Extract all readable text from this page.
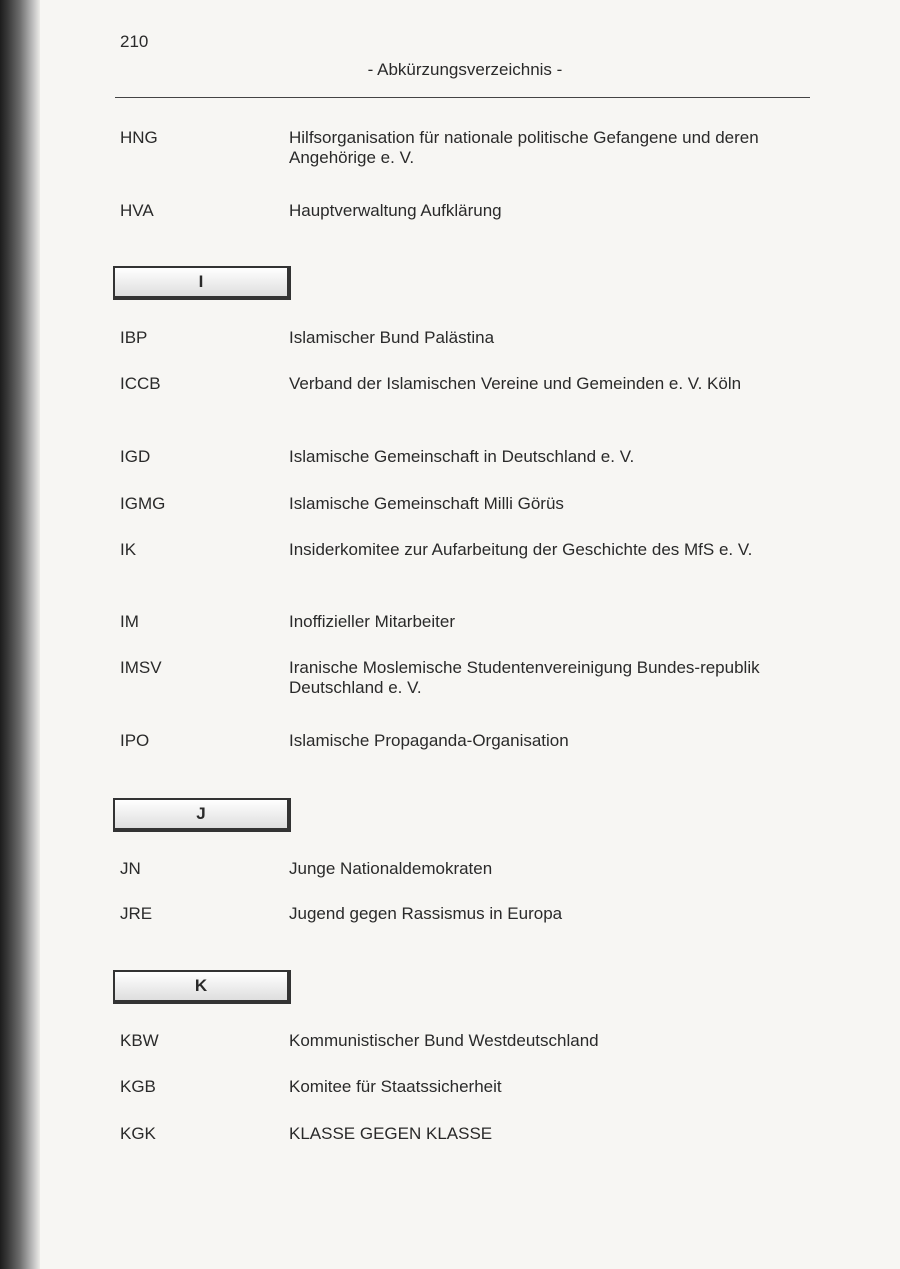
210
- Abkürzungsverzeichnis -
HNG	Hilfsorganisation für nationale politische Gefangene und deren Angehörige e. V.
HVA	Hauptverwaltung Aufklärung
I
IBP	Islamischer Bund Palästina
ICCB	Verband der Islamischen Vereine und Gemeinden e. V. Köln
IGD	Islamische Gemeinschaft in Deutschland e. V.
IGMG	Islamische Gemeinschaft Milli Görüs
IK	Insiderkomitee zur Aufarbeitung der Geschichte des MfS e. V.
IM	Inoffizieller Mitarbeiter
IMSV	Iranische Moslemische Studentenvereinigung Bundes-republik Deutschland e. V.
IPO	Islamische Propaganda-Organisation
J
JN	Junge Nationaldemokraten
JRE	Jugend gegen Rassismus in Europa
K
KBW	Kommunistischer Bund Westdeutschland
KGB	Komitee für Staatssicherheit
KGK	KLASSE GEGEN KLASSE
